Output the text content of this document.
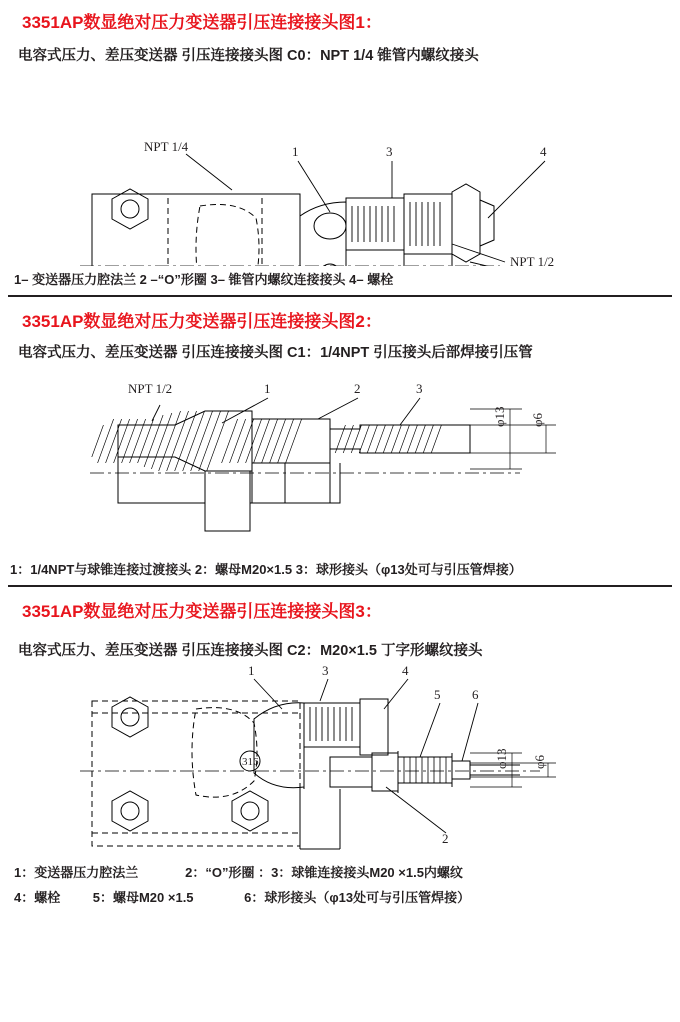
3351AP数显绝对压力变送器引压连接接头图1：
电容式压力、差压变送器 引压连接接头图 C0：NPT 1/4 锥管内螺纹接头
NPT 1/4	1	3	4
NPT 1/2
1– 变送器压力腔法兰 2 –“O”形圈 3– 锥管内螺纹连接接头 4– 螺栓
3351AP数显绝对压力变送器引压连接接头图2：
电容式压力、差压变送器 引压连接接头图 C1：1/4NPT 引压接头后部焊接引压管
NPT 1/2	1	2	3
φ13 φ6
1：1/4NPT与球锥连接过渡接头 2：螺母M20×1.5 3：球形接头（φ13处可与引压管焊接）
3351AP数显绝对压力变送器引压连接接头图3：
电容式压力、差压变送器 引压连接接头图 C2：M20×1.5 丁字形螺纹接头
1	3	4
5 6
2
φ13 φ6
316
1：变送器压力腔法兰             2：“O”形圈 ：3：球锥连接接头M20 ×1.5内螺纹
4：螺栓         5：螺母M20 ×1.5              6：球形接头（φ13处可与引压管焊接）
